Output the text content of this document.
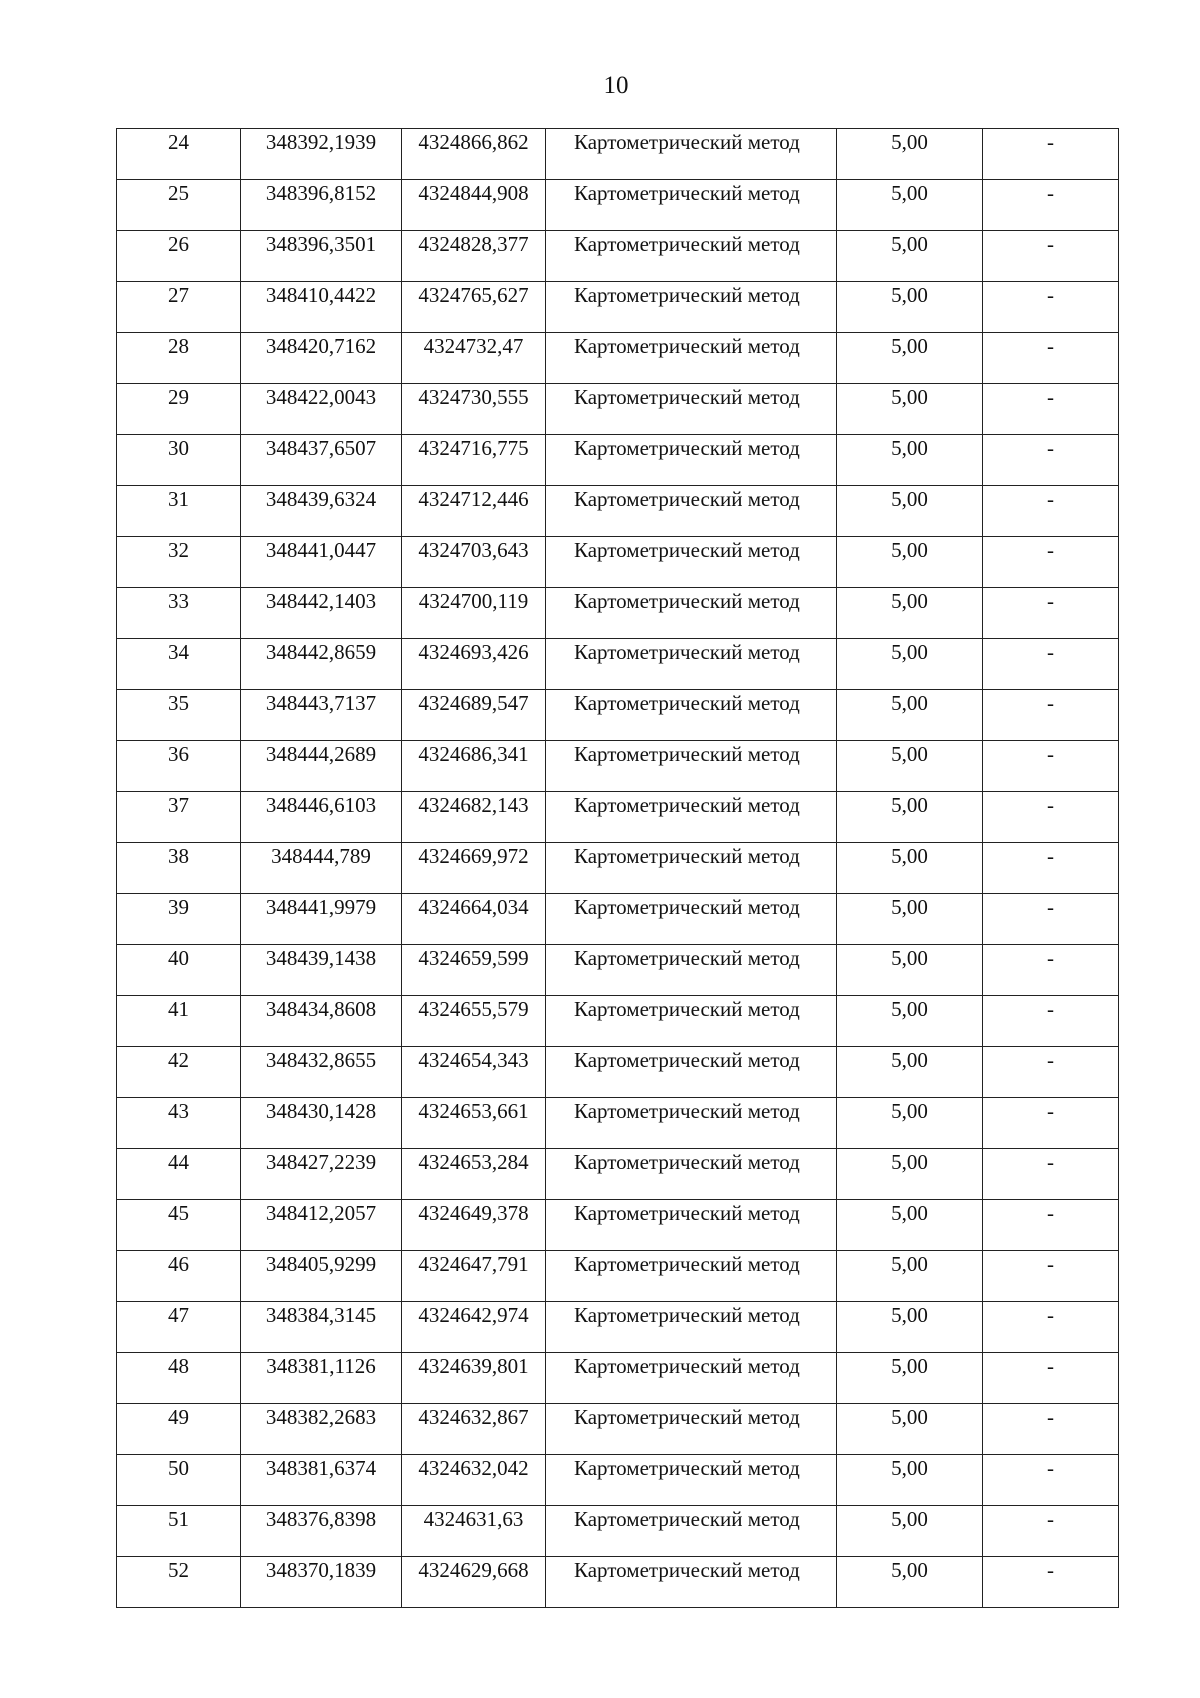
10
24	348392,1939	4324866,862	Картометрический метод	5,00	-

25	348396,8152	4324844,908	Картометрический метод	5,00	-

26	348396,3501	4324828,377	Картометрический метод	5,00	-

27	348410,4422	4324765,627	Картометрический метод	5,00	-

28	348420,7162	4324732,47	Картометрический метод	5,00	-

29	348422,0043	4324730,555	Картометрический метод	5,00	-

30	348437,6507	4324716,775	Картометрический метод	5,00	-

31	348439,6324	4324712,446	Картометрический метод	5,00	-

32	348441,0447	4324703,643	Картометрический метод	5,00	-

33	348442,1403	4324700,119	Картометрический метод	5,00	-

34	348442,8659	4324693,426	Картометрический метод	5,00	-

35	348443,7137	4324689,547	Картометрический метод	5,00	-

36	348444,2689	4324686,341	Картометрический метод	5,00	-

37	348446,6103	4324682,143	Картометрический метод	5,00	-

38	348444,789	4324669,972	Картометрический метод	5,00	-

39	348441,9979	4324664,034	Картометрический метод	5,00	-

40	348439,1438	4324659,599	Картометрический метод	5,00	-

41	348434,8608	4324655,579	Картометрический метод	5,00	-

42	348432,8655	4324654,343	Картометрический метод	5,00	-

43	348430,1428	4324653,661	Картометрический метод	5,00	-

44	348427,2239	4324653,284	Картометрический метод	5,00	-

45	348412,2057	4324649,378	Картометрический метод	5,00	-

46	348405,9299	4324647,791	Картометрический метод	5,00	-

47	348384,3145	4324642,974	Картометрический метод	5,00	-

48	348381,1126	4324639,801	Картометрический метод	5,00	-

49	348382,2683	4324632,867	Картометрический метод	5,00	-

50	348381,6374	4324632,042	Картометрический метод	5,00	-

51	348376,8398	4324631,63	Картометрический метод	5,00	-

52	348370,1839	4324629,668	Картометрический метод	5,00	-
